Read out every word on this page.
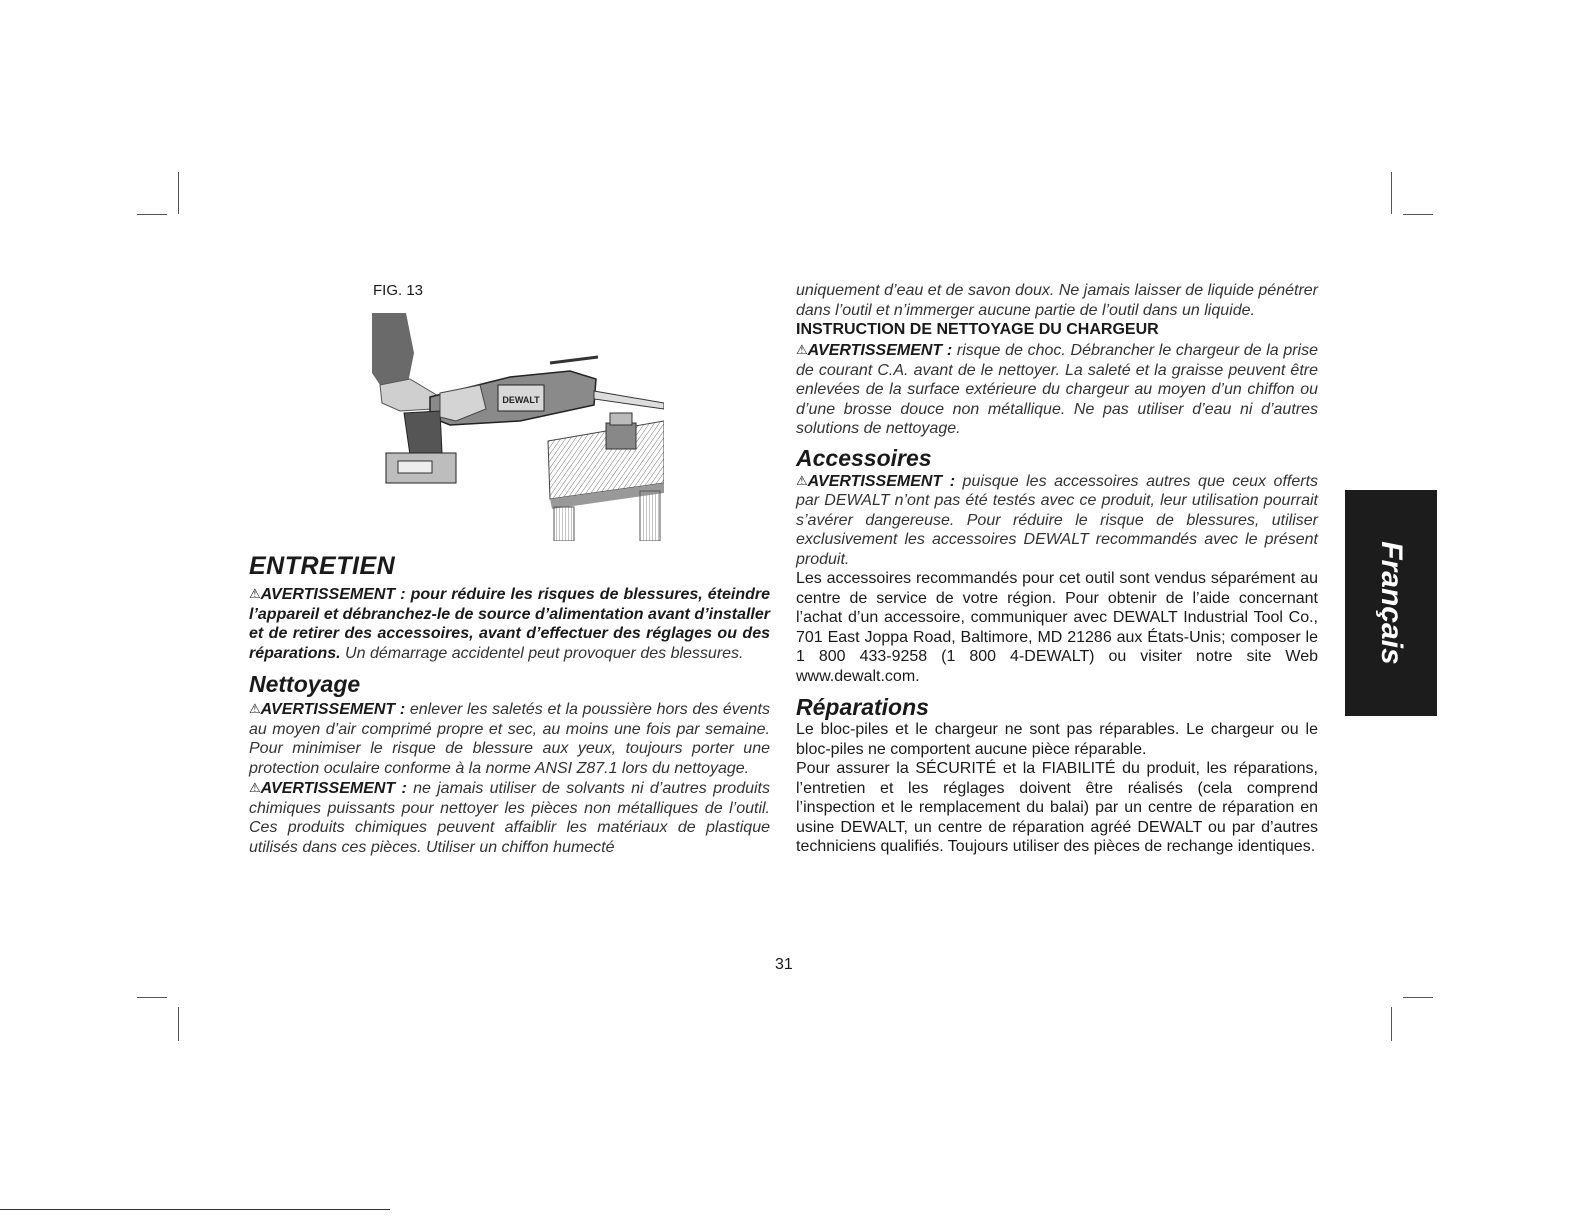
FIG. 13
DEWALT

ENTRETIEN

⚠AVERTISSEMENT : pour réduire les risques de blessures, éteindre l’appareil et débranchez-le de source d’alimentation avant d’installer et de retirer des accessoires, avant d’effectuer des réglages ou des réparations. Un démarrage accidentel peut provoquer des blessures.

Nettoyage

⚠AVERTISSEMENT : enlever les saletés et la poussière hors des évents au moyen d’air comprimé propre et sec, au moins une fois par semaine. Pour minimiser le risque de blessure aux yeux, toujours porter une protection oculaire conforme à la norme ANSI Z87.1 lors du nettoyage.

⚠AVERTISSEMENT : ne jamais utiliser de solvants ni d’autres produits chimiques puissants pour nettoyer les pièces non métalliques de l’outil. Ces produits chimiques peuvent affaiblir les matériaux de plastique utilisés dans ces pièces. Utiliser un chiffon humecté

uniquement d’eau et de savon doux. Ne jamais laisser de liquide pénétrer dans l’outil et n’immerger aucune partie de l’outil dans un liquide.

INSTRUCTION DE NETTOYAGE DU CHARGEUR

⚠AVERTISSEMENT : risque de choc. Débrancher le chargeur de la prise de courant C.A. avant de le nettoyer. La saleté et la graisse peuvent être enlevées de la surface extérieure du chargeur au moyen d’un chiffon ou d’une brosse douce non métallique. Ne pas utiliser d’eau ni d’autres solutions de nettoyage.

Accessoires

⚠AVERTISSEMENT : puisque les accessoires autres que ceux offerts par DEWALT n’ont pas été testés avec ce produit, leur utilisation pourrait s’avérer dangereuse. Pour réduire le risque de blessures, utiliser exclusivement les accessoires DEWALT recommandés avec le présent produit.

Les accessoires recommandés pour cet outil sont vendus séparément au centre de service de votre région. Pour obtenir de l’aide concernant l’achat d’un accessoire, communiquer avec DEWALT Industrial Tool Co., 701 East Joppa Road, Baltimore, MD 21286 aux États-Unis; composer le 1 800 433-9258 (1 800 4-DEWALT) ou visiter notre site Web www.dewalt.com.

Réparations

Le bloc-piles et le chargeur ne sont pas réparables. Le chargeur ou le bloc-piles ne comportent aucune pièce réparable.

Pour assurer la SÉCURITÉ et la FIABILITÉ du produit, les réparations, l’entretien et les réglages doivent être réalisés (cela comprend l’inspection et le remplacement du balai) par un centre de réparation en usine DEWALT, un centre de réparation agréé DEWALT ou par d’autres techniciens qualifiés. Toujours utiliser des pièces de rechange identiques.

31
Français
